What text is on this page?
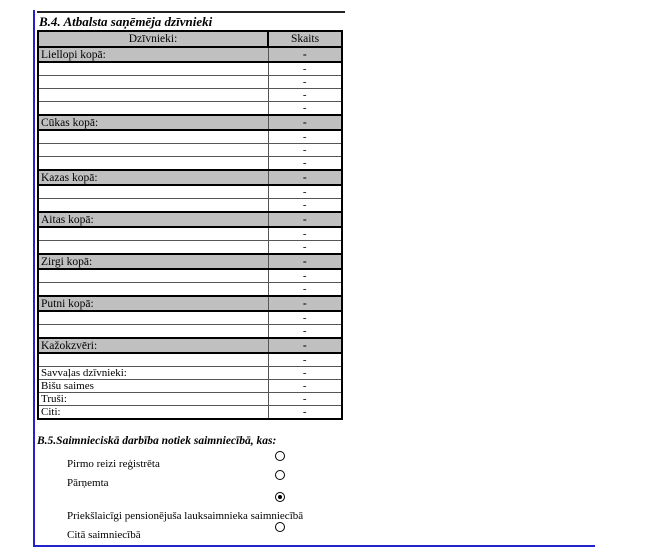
B.4. Atbalsta saņēmēja dzīvnieki
Dzīvnieki:	Skaits
Liellopi kopā:	-
	-
	-
	-
	-
Cūkas kopā:	-
	-
	-
	-
Kazas kopā:	-
	-
	-
Aitas kopā:	-
	-
	-
Zirgi kopā:	-
	-
	-
Putni kopā:	-
	-
	-
Kažokzvēri:	-
	-
Savvaļas dzīvnieki:	-
Bišu saimes	-
Truši:	-
Citi:	-
B.5.Saimnieciskā darbība notiek saimniecībā, kas:
Pirmo reizi reģistrēta
Pārņemta
Priekšlaicīgi pensionējuša lauksaimnieka saimniecībā
Citā saimniecībā
